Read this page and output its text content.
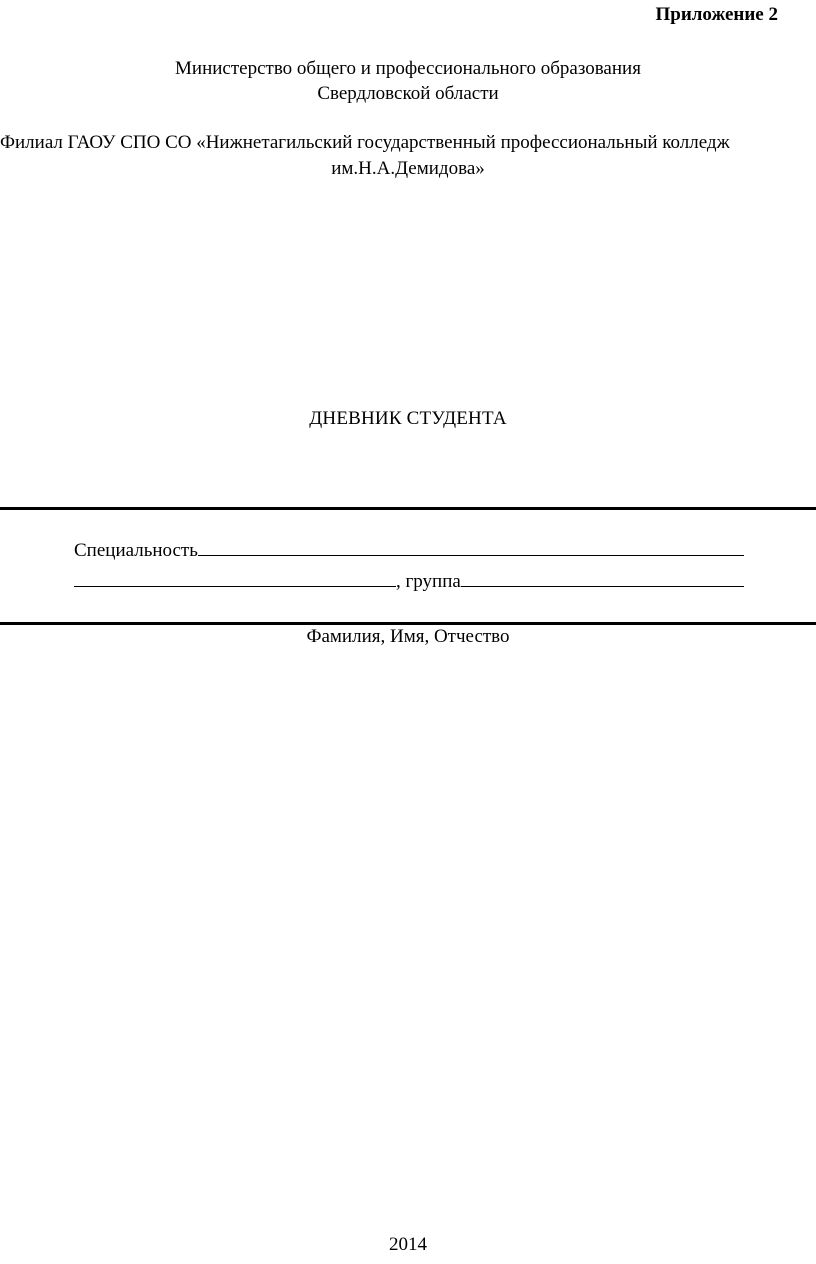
Приложение 2
Министерство общего и профессионального образования
Свердловской области
Филиал ГАОУ СПО СО «Нижнетагильский государственный профессиональный колледж
им.Н.А.Демидова»
ДНЕВНИК СТУДЕНТА
Специальность
, группа
Фамилия, Имя, Отчество
2014
